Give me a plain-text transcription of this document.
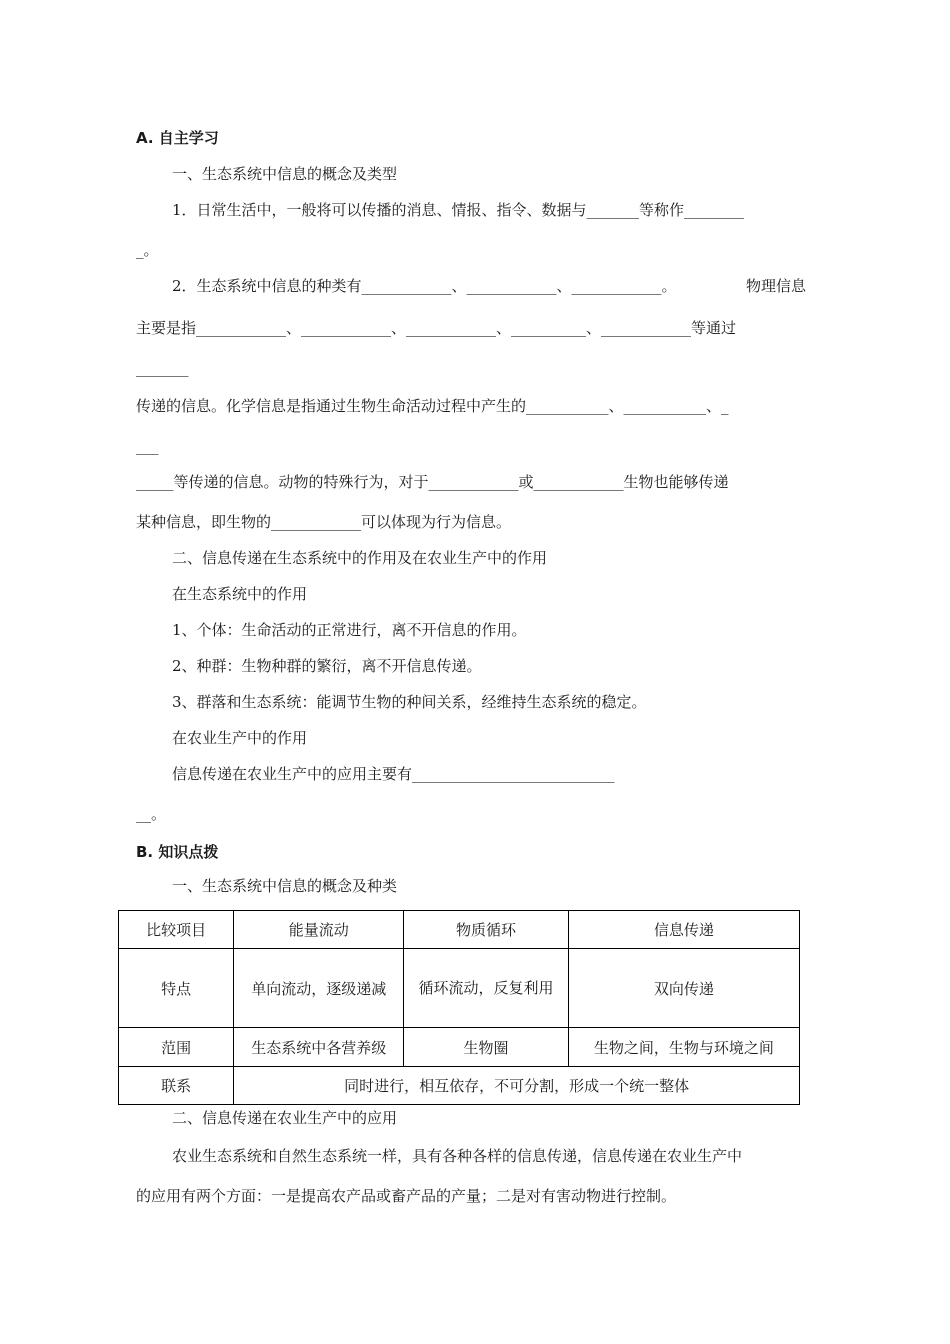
A. 自主学习
一、生态系统中信息的概念及类型
1．日常生活中，一般将可以传播的消息、情报、指令、数据与_______等称作________
_。
2．生态系统中信息的种类有____________、____________、____________。	物理信息
主要是指____________、____________、____________、__________、____________等通过
_______
传递的信息。化学信息是指通过生物生命活动过程中产生的___________、___________、_
___
_____等传递的信息。动物的特殊行为，对于____________或____________生物也能够传递
某种信息，即生物的____________可以体现为行为信息。
二、信息传递在生态系统中的作用及在农业生产中的作用
在生态系统中的作用
1、个体：生命活动的正常进行，离不开信息的作用。
2、种群：生物种群的繁衍，离不开信息传递。
3、群落和生态系统：能调节生物的种间关系，经维持生态系统的稳定。
在农业生产中的作用
信息传递在农业生产中的应用主要有___________________________
__。
B. 知识点拨
一、生态系统中信息的概念及种类
比较项目	能量流动	物质循环	信息传递
特点	单向流动，逐级递减	循环流动，反复利用	双向传递
范围	生态系统中各营养级	生物圈	生物之间，生物与环境之间
联系	同时进行，相互依存，不可分割，形成一个统一整体		
二、信息传递在农业生产中的应用
农业生态系统和自然生态系统一样，具有各种各样的信息传递，信息传递在农业生产中
的应用有两个方面：一是提高农产品或畜产品的产量；二是对有害动物进行控制。
